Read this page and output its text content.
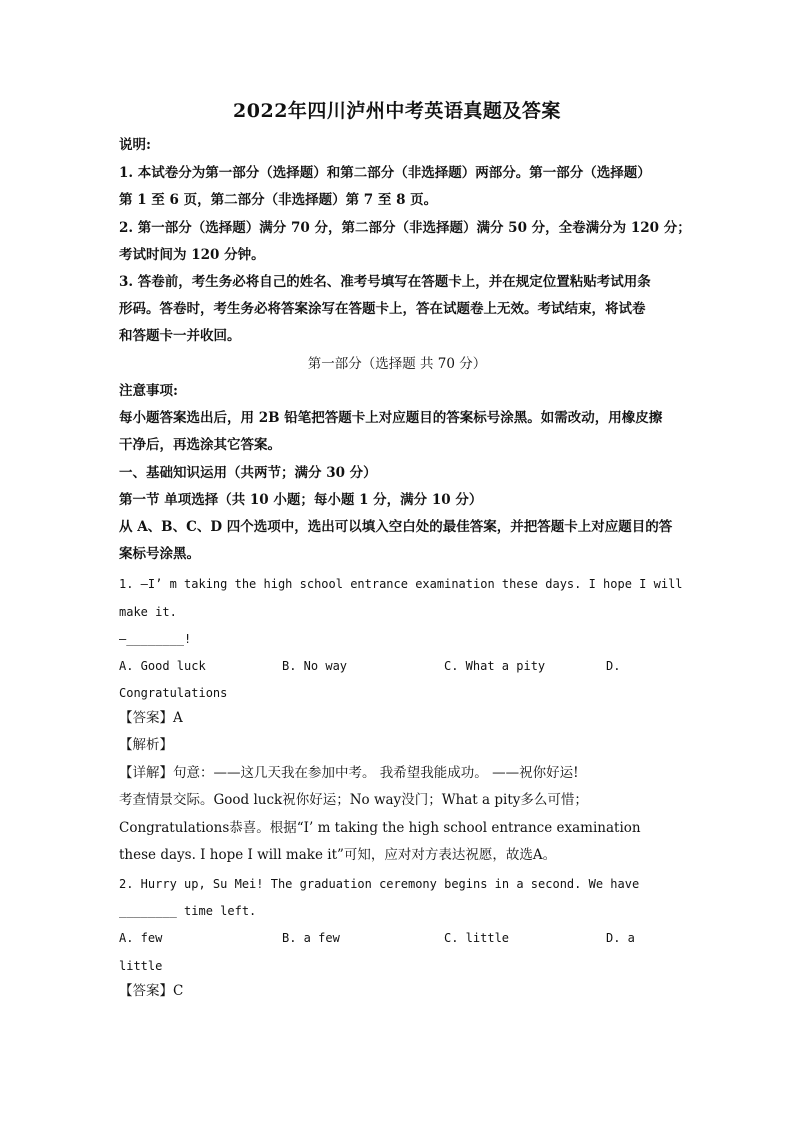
2022年四川泸州中考英语真题及答案
说明:
1. 本试卷分为第一部分（选择题）和第二部分（非选择题）两部分。第一部分（选择题）
第 1 至 6 页，第二部分（非选择题）第 7 至 8 页。
2. 第一部分（选择题）满分 70 分，第二部分（非选择题）满分 50 分，全卷满分为 120 分；
考试时间为 120 分钟。
3. 答卷前，考生务必将自己的姓名、准考号填写在答题卡上，并在规定位置粘贴考试用条
形码。答卷时，考生务必将答案涂写在答题卡上，答在试题卷上无效。考试结束，将试卷
和答题卡一并收回。
第一部分（选择题 共 70 分）
注意事项:
每小题答案选出后，用 2B 铅笔把答题卡上对应题目的答案标号涂黑。如需改动，用橡皮擦
干净后，再选涂其它答案。
一、基础知识运用（共两节；满分 30 分）
第一节 单项选择（共 10 小题；每小题 1 分，满分 10 分）
从 A、B、C、D 四个选项中，选出可以填入空白处的最佳答案，并把答题卡上对应题目的答
案标号涂黑。
1. —I’ m taking the high school entrance examination these days. I hope I will
make it.
—________!
A. Good luck	B. No way	C. What a pity	D.
Congratulations
【答案】A
【解析】
【详解】句意：——这几天我在参加中考。 我希望我能成功。 ——祝你好运!
考查情景交际。Good luck祝你好运；No way没门；What a pity多么可惜；
Congratulations恭喜。根据“I’ m taking the high school entrance examination
these days. I hope I will make it”可知，应对对方表达祝愿，故选A。
2. Hurry up, Su Mei! The graduation ceremony begins in a second. We have
________ time left.
A. few	B. a few	C. little	D. a
little
【答案】C
